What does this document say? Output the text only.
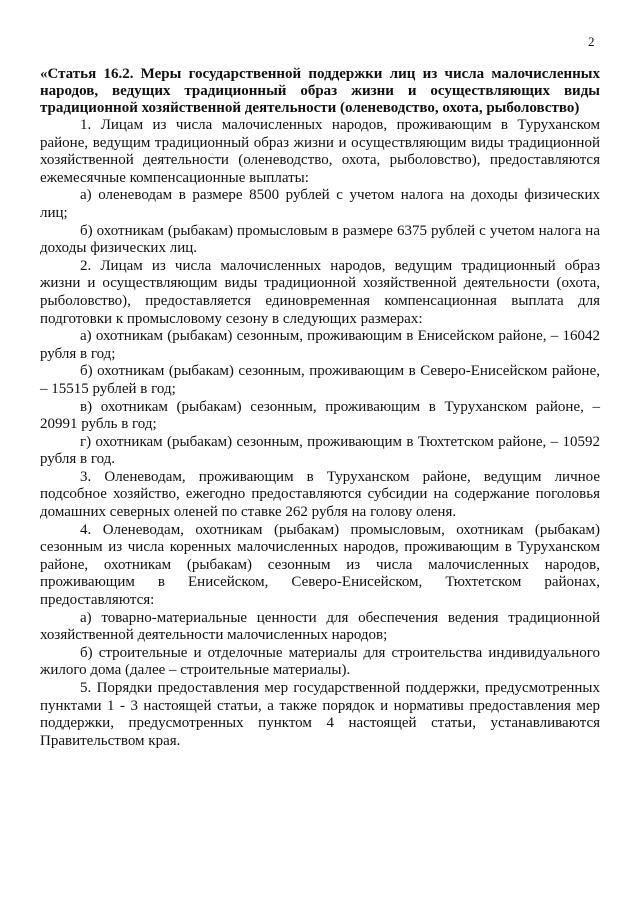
2

«Статья 16.2. Меры государственной поддержки лиц из числа малочисленных народов, ведущих традиционный образ жизни и осуществляющих виды традиционной хозяйственной деятельности (оленеводство, охота, рыболовство)

1. Лицам из числа малочисленных народов, проживающим в Туруханском районе, ведущим традиционный образ жизни и осуществляющим виды традиционной хозяйственной деятельности (оленеводство, охота, рыболовство), предоставляются ежемесячные компенсационные выплаты:

а) оленеводам в размере 8500 рублей с учетом налога на доходы физических лиц;

б) охотникам (рыбакам) промысловым в размере 6375 рублей с учетом налога на доходы физических лиц.

2. Лицам из числа малочисленных народов, ведущим традиционный образ жизни и осуществляющим виды традиционной хозяйственной деятельности (охота, рыболовство), предоставляется единовременная компенсационная выплата для подготовки к промысловому сезону в следующих размерах:

а) охотникам (рыбакам) сезонным, проживающим в Енисейском районе, – 16042 рубля в год;

б) охотникам (рыбакам) сезонным, проживающим в Северо-Енисейском районе, – 15515 рублей в год;

в) охотникам (рыбакам) сезонным, проживающим в Туруханском районе, – 20991 рубль в год;

г) охотникам (рыбакам) сезонным, проживающим в Тюхтетском районе, – 10592 рубля в год.

3. Оленеводам, проживающим в Туруханском районе, ведущим личное подсобное хозяйство, ежегодно предоставляются субсидии на содержание поголовья домашних северных оленей по ставке 262 рубля на голову оленя.

4. Оленеводам, охотникам (рыбакам) промысловым, охотникам (рыбакам) сезонным из числа коренных малочисленных народов, проживающим в Туруханском районе, охотникам (рыбакам) сезонным из числа малочисленных народов, проживающим в Енисейском, Северо-Енисейском, Тюхтетском районах, предоставляются:

а) товарно-материальные ценности для обеспечения ведения традиционной хозяйственной деятельности малочисленных народов;

б) строительные и отделочные материалы для строительства индивидуального жилого дома (далее – строительные материалы).

5. Порядки предоставления мер государственной поддержки, предусмотренных пунктами 1 - 3 настоящей статьи, а также порядок и нормативы предоставления мер поддержки, предусмотренных пунктом 4 настоящей статьи, устанавливаются Правительством края.
